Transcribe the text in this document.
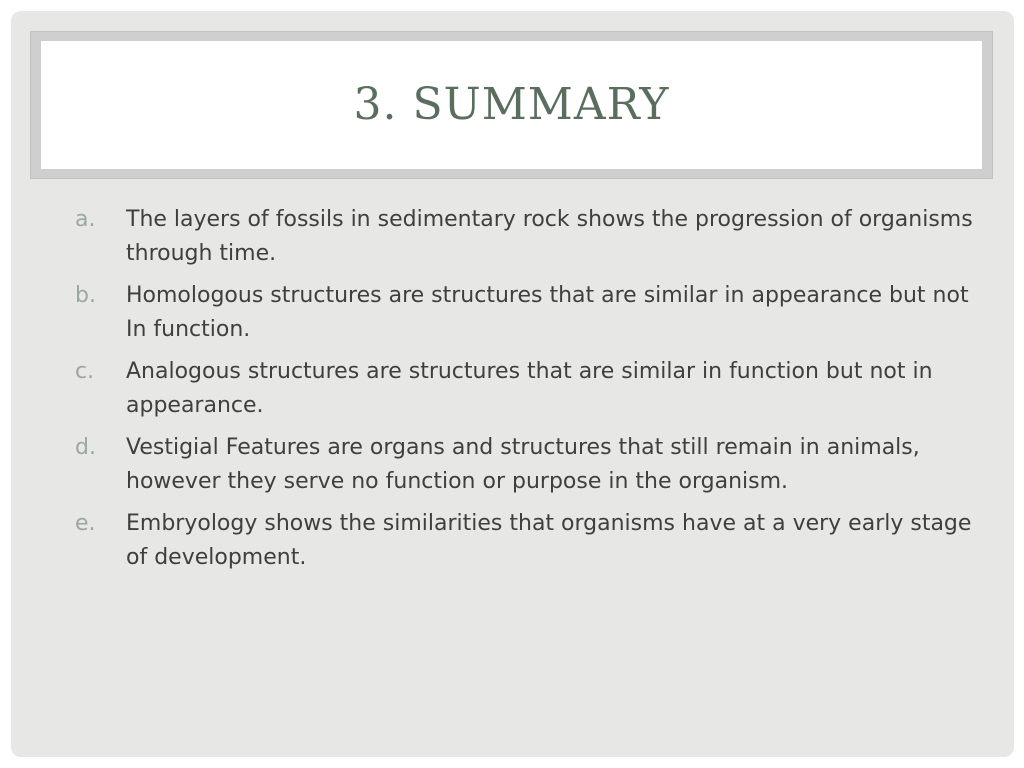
3. SUMMARY
a.	The layers of fossils in sedimentary rock shows the progression of organisms through time.
b.	Homologous structures are structures that are similar in appearance but not In function.
c.	Analogous structures are structures that are similar in function but not in appearance.
d.	Vestigial Features are organs and structures that still remain in animals, however they serve no function or purpose in the organism.
e.	Embryology shows the similarities that organisms have at a very early stage of development.
